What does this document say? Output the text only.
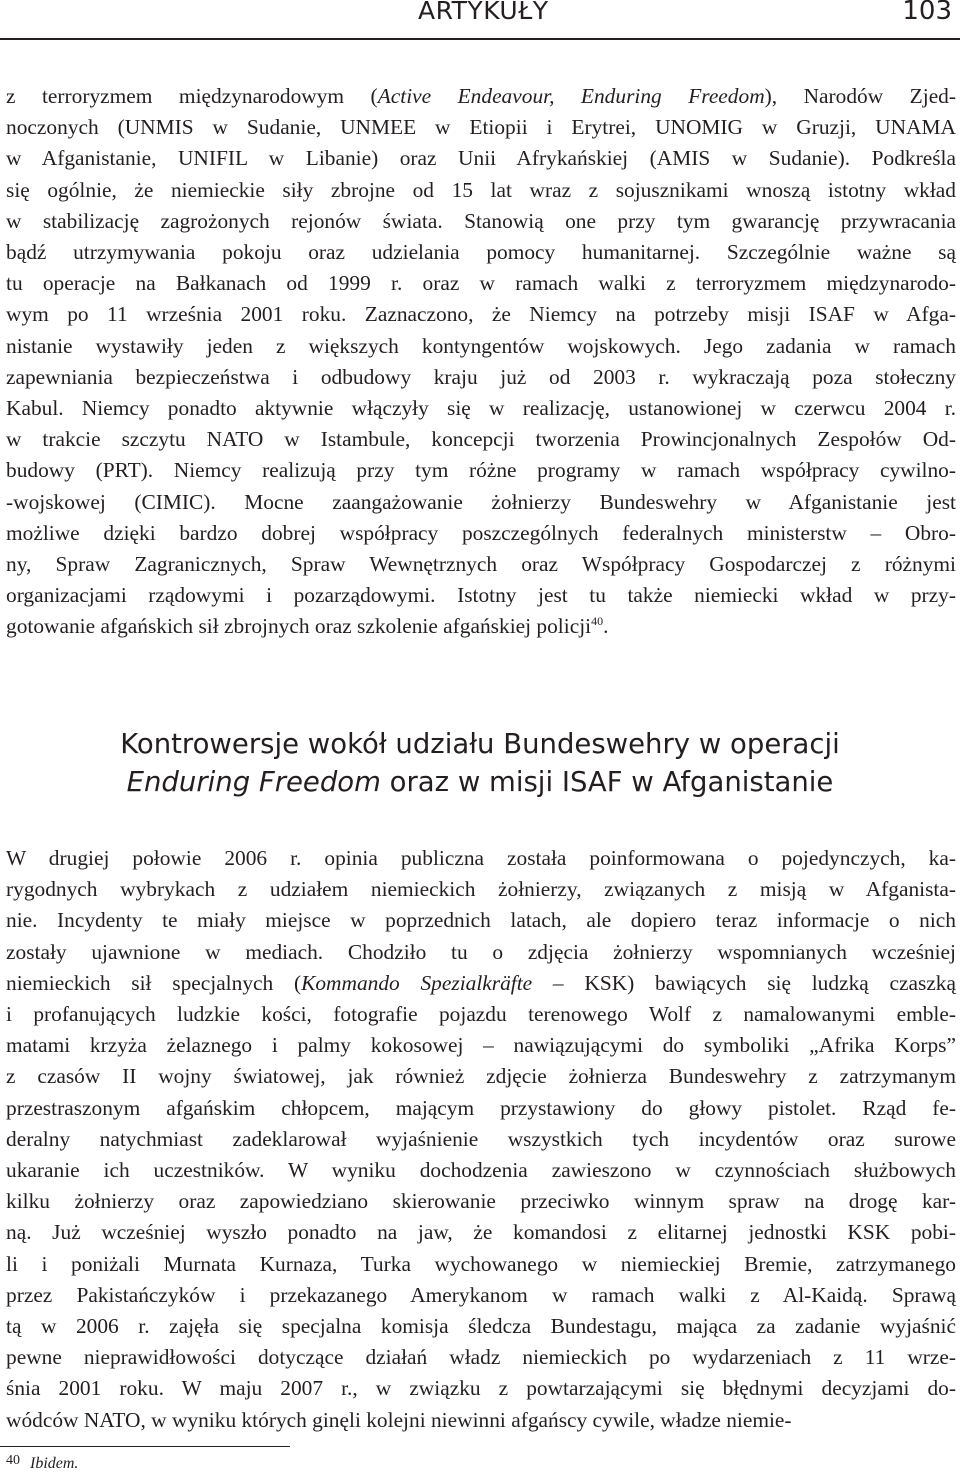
ARTYKUŁY	103
z terroryzmem międzynarodowym (Active Endeavour, Enduring Freedom), Narodów Zjed-
noczonych (UNMIS w Sudanie, UNMEE w Etiopii i Erytrei, UNOMIG w Gruzji, UNAMA
w Afganistanie, UNIFIL w Libanie) oraz Unii Afrykańskiej (AMIS w Sudanie). Podkreśla
się ogólnie, że niemieckie siły zbrojne od 15 lat wraz z sojusznikami wnoszą istotny wkład
w stabilizację zagrożonych rejonów świata. Stanowią one przy tym gwarancję przywracania
bądź utrzymywania pokoju oraz udzielania pomocy humanitarnej. Szczególnie ważne są
tu operacje na Bałkanach od 1999 r. oraz w ramach walki z terroryzmem międzynarodo-
wym po 11 września 2001 roku. Zaznaczono, że Niemcy na potrzeby misji ISAF w Afga-
nistanie wystawiły jeden z większych kontyngentów wojskowych. Jego zadania w ramach
zapewniania bezpieczeństwa i odbudowy kraju już od 2003 r. wykraczają poza stołeczny
Kabul. Niemcy ponadto aktywnie włączyły się w realizację, ustanowionej w czerwcu 2004 r.
w trakcie szczytu NATO w Istambule, koncepcji tworzenia Prowincjonalnych Zespołów Od-
budowy (PRT). Niemcy realizują przy tym różne programy w ramach współpracy cywilno-
-wojskowej (CIMIC). Mocne zaangażowanie żołnierzy Bundeswehry w Afganistanie jest
możliwe dzięki bardzo dobrej współpracy poszczególnych federalnych ministerstw – Obro-
ny, Spraw Zagranicznych, Spraw Wewnętrznych oraz Współpracy Gospodarczej z różnymi
organizacjami rządowymi i pozarządowymi. Istotny jest tu także niemiecki wkład w przy-
gotowanie afgańskich sił zbrojnych oraz szkolenie afgańskiej policji$^{40}$.
Kontrowersje wokół udziału Bundeswehry w operacji
Enduring Freedom oraz w misji ISAF w Afganistanie
W drugiej połowie 2006 r. opinia publiczna została poinformowana o pojedynczych, ka-
rygodnych wybrykach z udziałem niemieckich żołnierzy, związanych z misją w Afganista-
nie. Incydenty te miały miejsce w poprzednich latach, ale dopiero teraz informacje o nich
zostały ujawnione w mediach. Chodziło tu o zdjęcia żołnierzy wspomnianych wcześniej
niemieckich sił specjalnych (Kommando Spezialkräfte – KSK) bawiących się ludzką czaszką
i profanujących ludzkie kości, fotografie pojazdu terenowego Wolf z namalowanymi emble-
matami krzyża żelaznego i palmy kokosowej – nawiązującymi do symboliki „Afrika Korps”
z czasów II wojny światowej, jak również zdjęcie żołnierza Bundeswehry z zatrzymanym
przestraszonym afgańskim chłopcem, mającym przystawiony do głowy pistolet. Rząd fe-
deralny natychmiast zadeklarował wyjaśnienie wszystkich tych incydentów oraz surowe
ukaranie ich uczestników. W wyniku dochodzenia zawieszono w czynnościach służbowych
kilku żołnierzy oraz zapowiedziano skierowanie przeciwko winnym spraw na drogę kar-
ną. Już wcześniej wyszło ponadto na jaw, że komandosi z elitarnej jednostki KSK pobi-
li i poniżali Murnata Kurnaza, Turka wychowanego w niemieckiej Bremie, zatrzymanego
przez Pakistańczyków i przekazanego Amerykanom w ramach walki z Al-Kaidą. Sprawą
tą w 2006 r. zajęła się specjalna komisja śledcza Bundestagu, mająca za zadanie wyjaśnić
pewne nieprawidłowości dotyczące działań władz niemieckich po wydarzeniach z 11 wrze-
śnia 2001 roku. W maju 2007 r., w związku z powtarzającymi się błędnymi decyzjami do-
wódców NATO, w wyniku których ginęli kolejni niewinni afgańscy cywile, władze niemie-
40 Ibidem.
